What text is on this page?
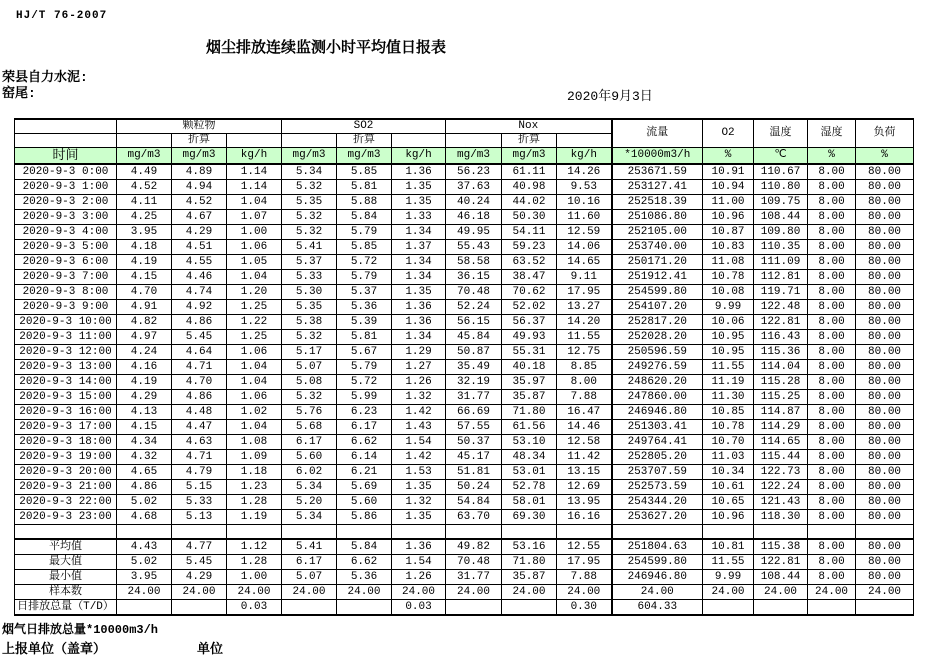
HJ/T 76-2007
烟尘排放连续监测小时平均值日报表
荣县自力水泥:
窑尾:	2020年9月3日
	颗粒物			SO2			Nox			流量	O2	温度	湿度	负荷
		折算			折算			折算						
时间	mg/m3	mg/m3	kg/h	mg/m3	mg/m3	kg/h	mg/m3	mg/m3	kg/h	*10000m3/h	%	℃	%	%
2020-9-3 0:00	4.49	4.89	1.14	5.34	5.85	1.36	56.23	61.11	14.26	253671.59	10.91	110.67	8.00	80.00
2020-9-3 1:00	4.52	4.94	1.14	5.32	5.81	1.35	37.63	40.98	9.53	253127.41	10.94	110.80	8.00	80.00
2020-9-3 2:00	4.11	4.52	1.04	5.35	5.88	1.35	40.24	44.02	10.16	252518.39	11.00	109.75	8.00	80.00
2020-9-3 3:00	4.25	4.67	1.07	5.32	5.84	1.33	46.18	50.30	11.60	251086.80	10.96	108.44	8.00	80.00
2020-9-3 4:00	3.95	4.29	1.00	5.32	5.79	1.34	49.95	54.11	12.59	252105.00	10.87	109.80	8.00	80.00
2020-9-3 5:00	4.18	4.51	1.06	5.41	5.85	1.37	55.43	59.23	14.06	253740.00	10.83	110.35	8.00	80.00
2020-9-3 6:00	4.19	4.55	1.05	5.37	5.72	1.34	58.58	63.52	14.65	250171.20	11.08	111.09	8.00	80.00
2020-9-3 7:00	4.15	4.46	1.04	5.33	5.79	1.34	36.15	38.47	9.11	251912.41	10.78	112.81	8.00	80.00
2020-9-3 8:00	4.70	4.74	1.20	5.30	5.37	1.35	70.48	70.62	17.95	254599.80	10.08	119.71	8.00	80.00
2020-9-3 9:00	4.91	4.92	1.25	5.35	5.36	1.36	52.24	52.02	13.27	254107.20	9.99	122.48	8.00	80.00
2020-9-3 10:00	4.82	4.86	1.22	5.38	5.39	1.36	56.15	56.37	14.20	252817.20	10.06	122.81	8.00	80.00
2020-9-3 11:00	4.97	5.45	1.25	5.32	5.81	1.34	45.84	49.93	11.55	252028.20	10.95	116.43	8.00	80.00
2020-9-3 12:00	4.24	4.64	1.06	5.17	5.67	1.29	50.87	55.31	12.75	250596.59	10.95	115.36	8.00	80.00
2020-9-3 13:00	4.16	4.71	1.04	5.07	5.79	1.27	35.49	40.18	8.85	249276.59	11.55	114.04	8.00	80.00
2020-9-3 14:00	4.19	4.70	1.04	5.08	5.72	1.26	32.19	35.97	8.00	248620.20	11.19	115.28	8.00	80.00
2020-9-3 15:00	4.29	4.86	1.06	5.32	5.99	1.32	31.77	35.87	7.88	247860.00	11.30	115.25	8.00	80.00
2020-9-3 16:00	4.13	4.48	1.02	5.76	6.23	1.42	66.69	71.80	16.47	246946.80	10.85	114.87	8.00	80.00
2020-9-3 17:00	4.15	4.47	1.04	5.68	6.17	1.43	57.55	61.56	14.46	251303.41	10.78	114.29	8.00	80.00
2020-9-3 18:00	4.34	4.63	1.08	6.17	6.62	1.54	50.37	53.10	12.58	249764.41	10.70	114.65	8.00	80.00
2020-9-3 19:00	4.32	4.71	1.09	5.60	6.14	1.42	45.17	48.34	11.42	252805.20	11.03	115.44	8.00	80.00
2020-9-3 20:00	4.65	4.79	1.18	6.02	6.21	1.53	51.81	53.01	13.15	253707.59	10.34	122.73	8.00	80.00
2020-9-3 21:00	4.86	5.15	1.23	5.34	5.69	1.35	50.24	52.78	12.69	252573.59	10.61	122.24	8.00	80.00
2020-9-3 22:00	5.02	5.33	1.28	5.20	5.60	1.32	54.84	58.01	13.95	254344.20	10.65	121.43	8.00	80.00
2020-9-3 23:00	4.68	5.13	1.19	5.34	5.86	1.35	63.70	69.30	16.16	253627.20	10.96	118.30	8.00	80.00

平均值	4.43	4.77	1.12	5.41	5.84	1.36	49.82	53.16	12.55	251804.63	10.81	115.38	8.00	80.00
最大值	5.02	5.45	1.28	6.17	6.62	1.54	70.48	71.80	17.95	254599.80	11.55	122.81	8.00	80.00
最小值	3.95	4.29	1.00	5.07	5.36	1.26	31.77	35.87	7.88	246946.80	9.99	108.44	8.00	80.00
样本数	24.00	24.00	24.00	24.00	24.00	24.00	24.00	24.00	24.00	24.00	24.00	24.00	24.00	24.00
日排放总量（T/D）			0.03			0.03			0.30	604.33				
烟气日排放总量*10000m3/h
上报单位（盖章）	单位
